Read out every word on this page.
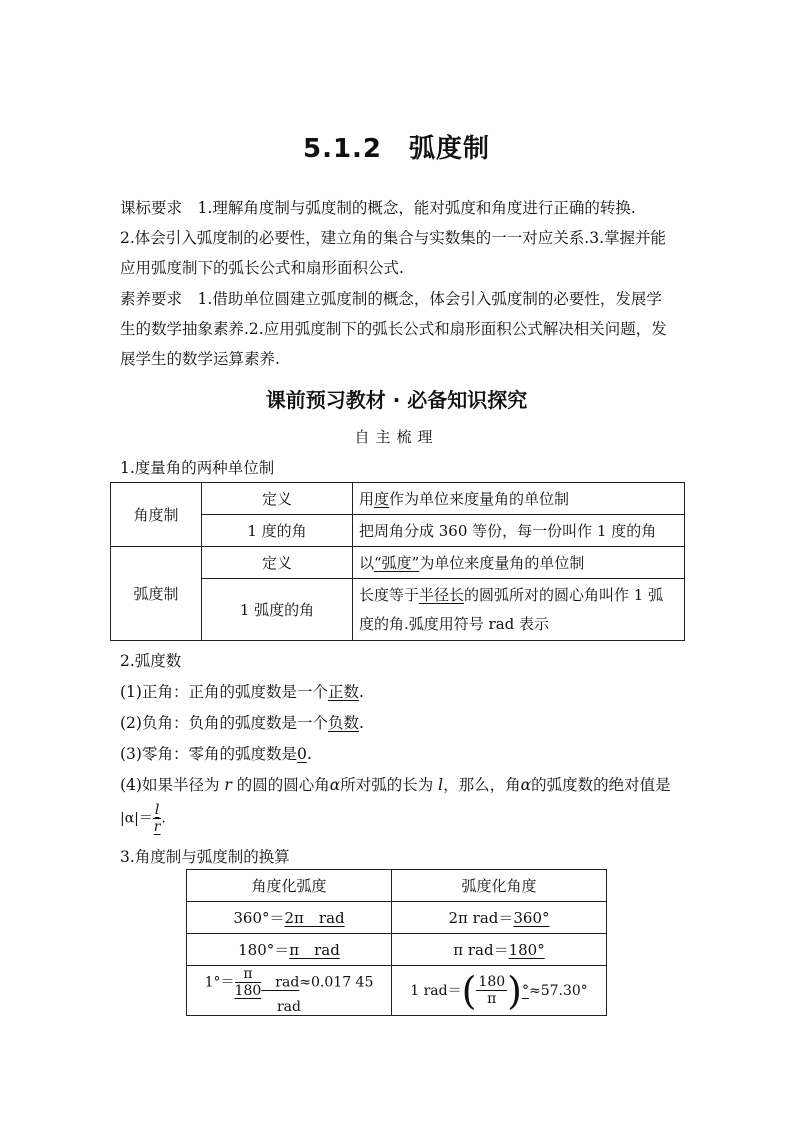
5.1.2　弧度制
课标要求　 1.理解角度制与弧度制的概念，能对弧度和角度进行正确的转换.
2.体会引入弧度制的必要性，建立角的集合与实数集的一一对应关系.3.掌握并能
应用弧度制下的弧长公式和扇形面积公式.
素养要求　 1.借助单位圆建立弧度制的概念，体会引入弧度制的必要性，发展学
生的数学抽象素养.2.应用弧度制下的弧长公式和扇形面积公式解决相关问题，发
展学生的数学运算素养.
课前预习教材 · 必备知识探究
自主梳理
1.度量角的两种单位制
角度制	定义	用度作为单位来度量角的单位制
	1 度的角	把周角分成 360 等份，每一份叫作 1 度的角
弧度制	定义	以“弧度”为单位来度量角的单位制
	1 弧度的角	长度等于半径长的圆弧所对的圆心角叫作 1 弧
度的角.弧度用符号 rad 表示
2.弧度数
(1)正角：正角的弧度数是一个正数.
(2)负角：负角的弧度数是一个负数.
(3)零角：零角的弧度数是0.
(4)如果半径为 r 的圆的圆心角α所对弧的长为 l，那么，角α的弧度数的绝对值是
$|\alpha|= \frac{l}{r}$ .
3.角度制与弧度制的换算
角度化弧度	弧度化角度
360°＝2π　rad	2π rad＝360°
180°＝π　rad	π rad＝180°
$1^\circ= \frac{\pi}{180}$ 　rad≈0.017 45 rad	1 $rad=( \frac{180}{\pi} )^\circ\approx 57.30^\circ$
